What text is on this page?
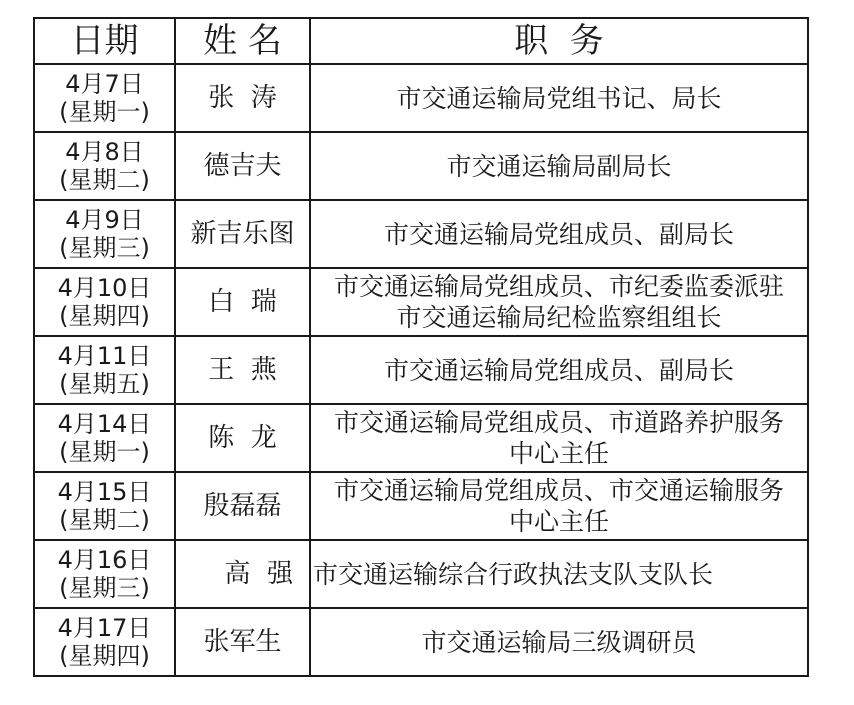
日期	姓 名	职  务

4月7日
(星期一)	张  涛	市交通运输局党组书记、局长

4月8日
(星期二)	德吉夫	市交通运输局副局长

4月9日
(星期三)	新吉乐图	市交通运输局党组成员、副局长

4月10日
(星期四)	白  瑞	市交通运输局党组成员、市纪委监委派驻
市交通运输局纪检监察组组长

4月11日
(星期五)	王  燕	市交通运输局党组成员、副局长

4月14日
(星期一)	陈  龙	市交通运输局党组成员、市道路养护服务
中心主任

4月15日
(星期二)	殷磊磊	市交通运输局党组成员、市交通运输服务
中心主任

4月16日
(星期三)	高  强	市交通运输综合行政执法支队支队长

4月17日
(星期四)	张军生	市交通运输局三级调研员
